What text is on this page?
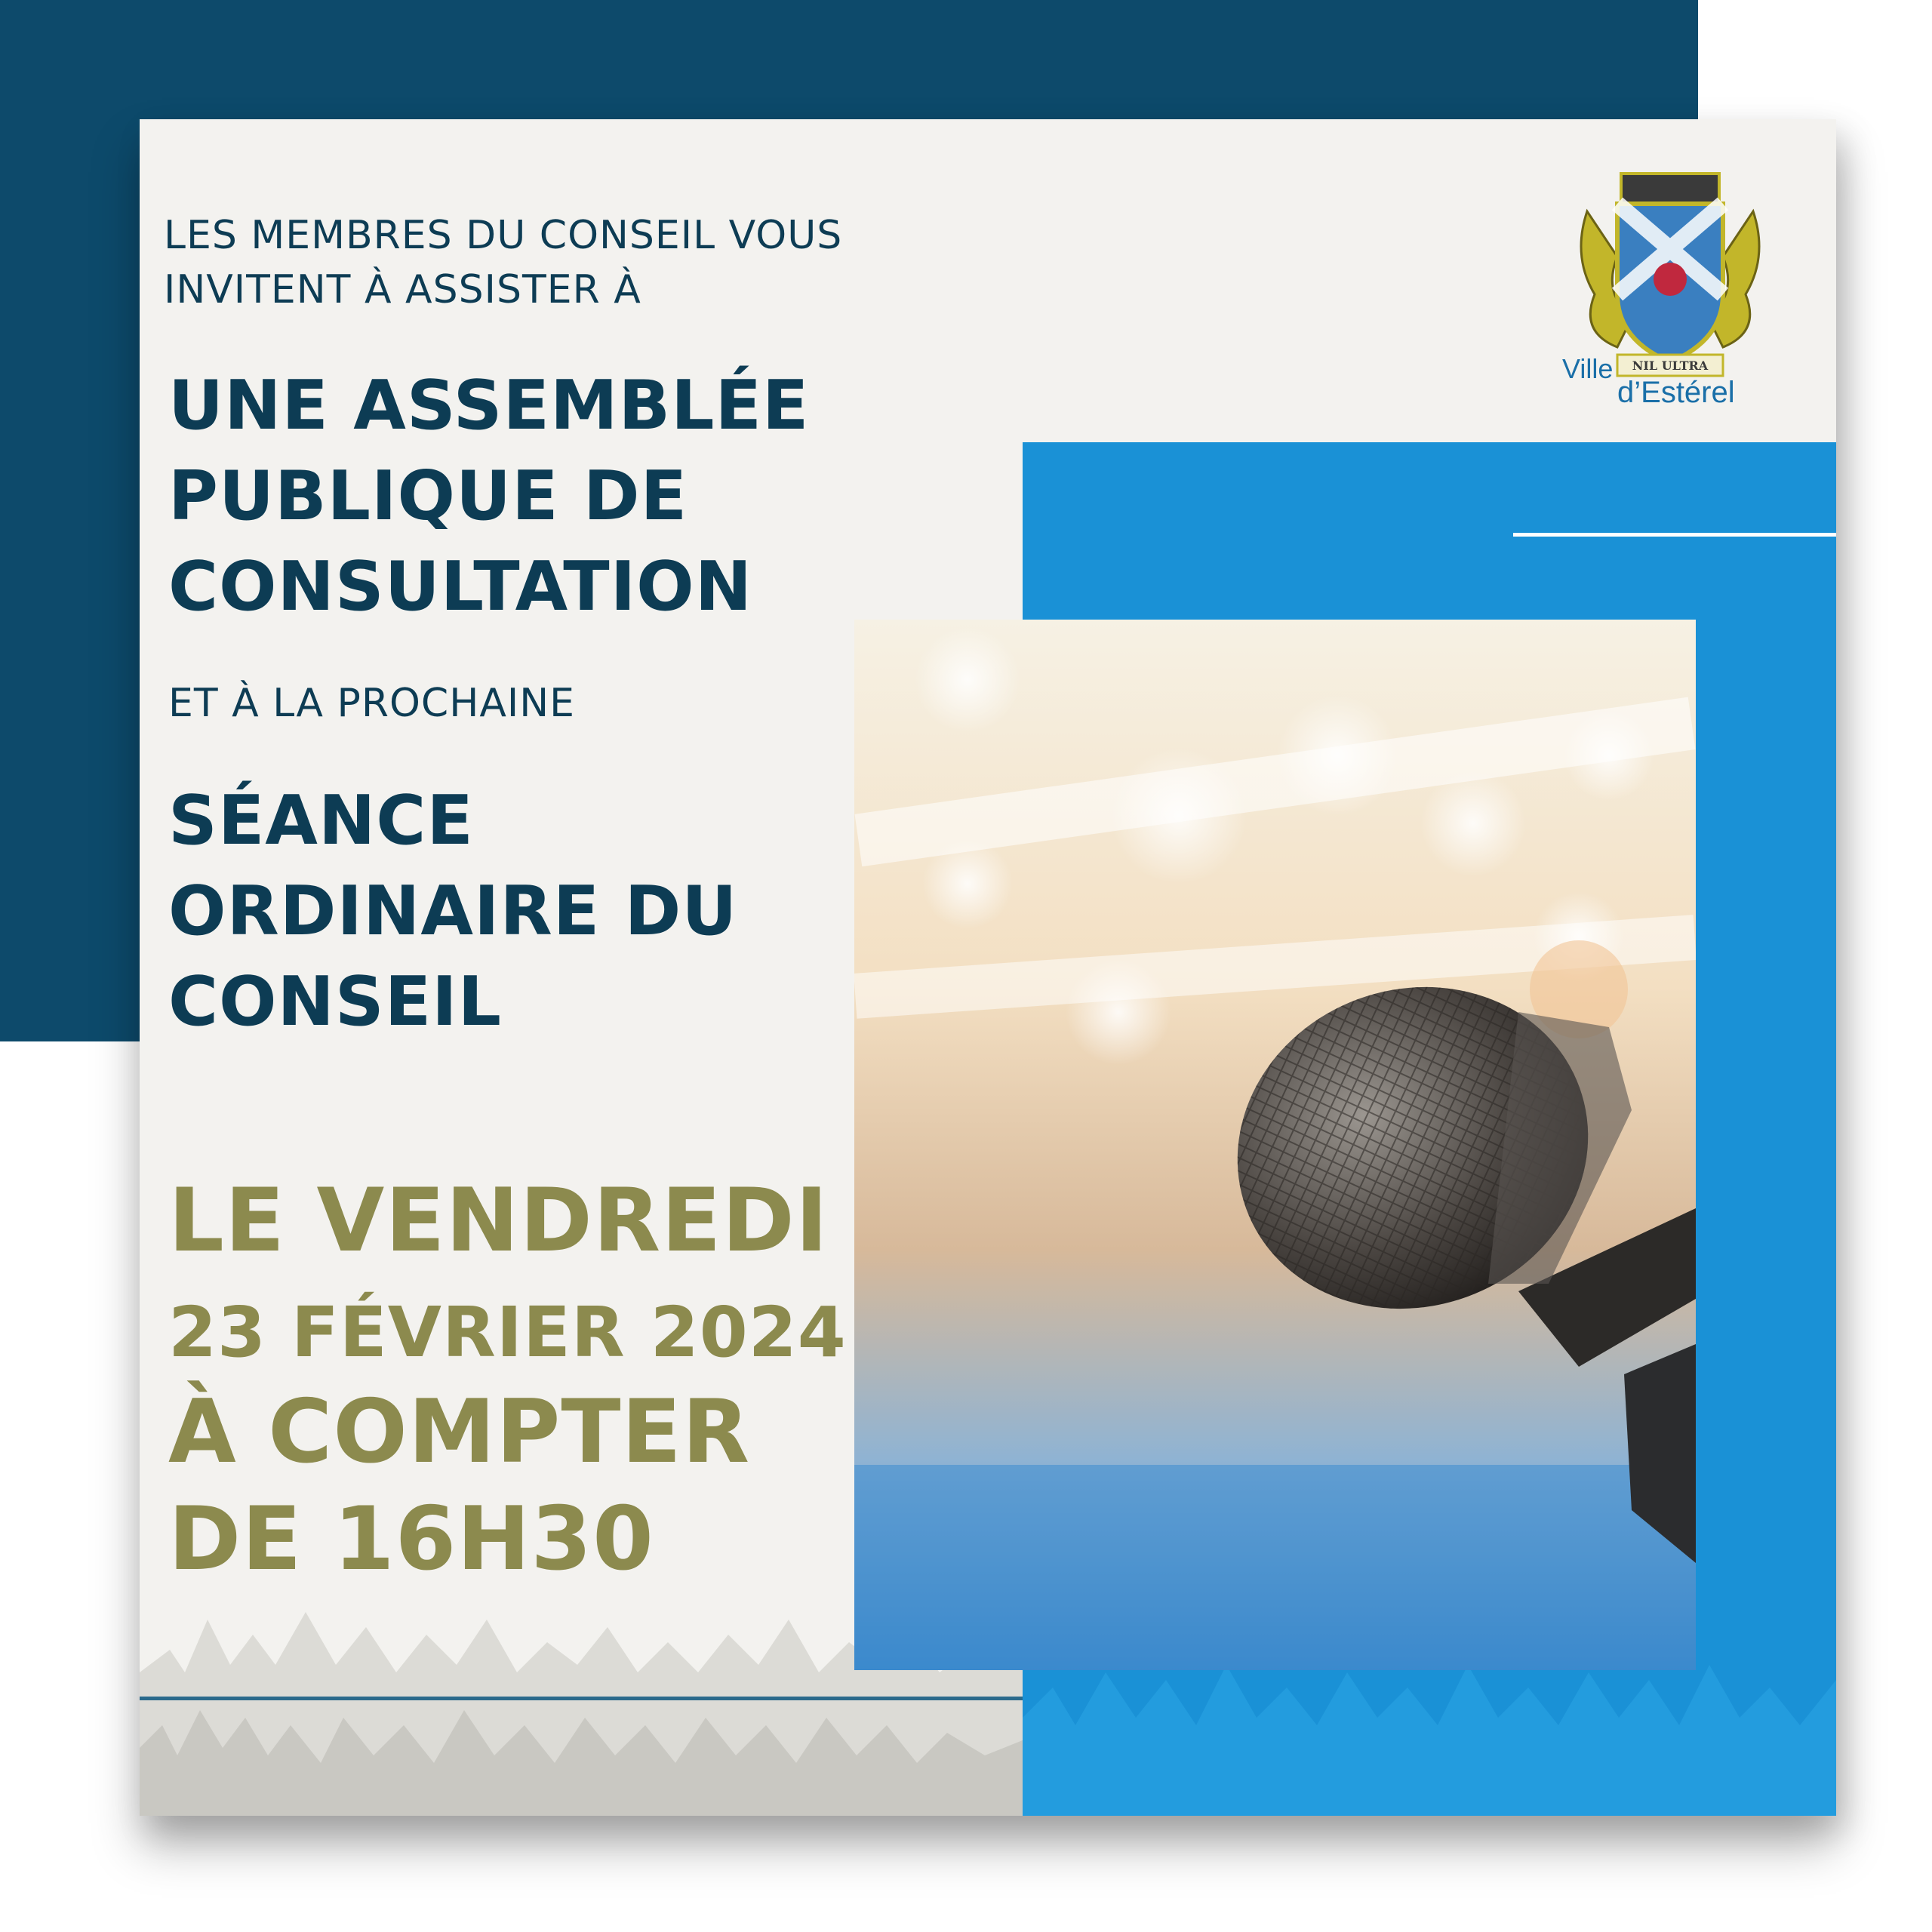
LES MEMBRES DU CONSEIL VOUS
INVITENT À ASSISTER À

UNE ASSEMBLÉE
PUBLIQUE DE
CONSULTATION

ET À LA PROCHAINE

SÉANCE
ORDINAIRE DU
CONSEIL

LE VENDREDI

23 FÉVRIER 2024

À COMPTER

DE 16H30

NIL ULTRA
Ville
d’Estérel
